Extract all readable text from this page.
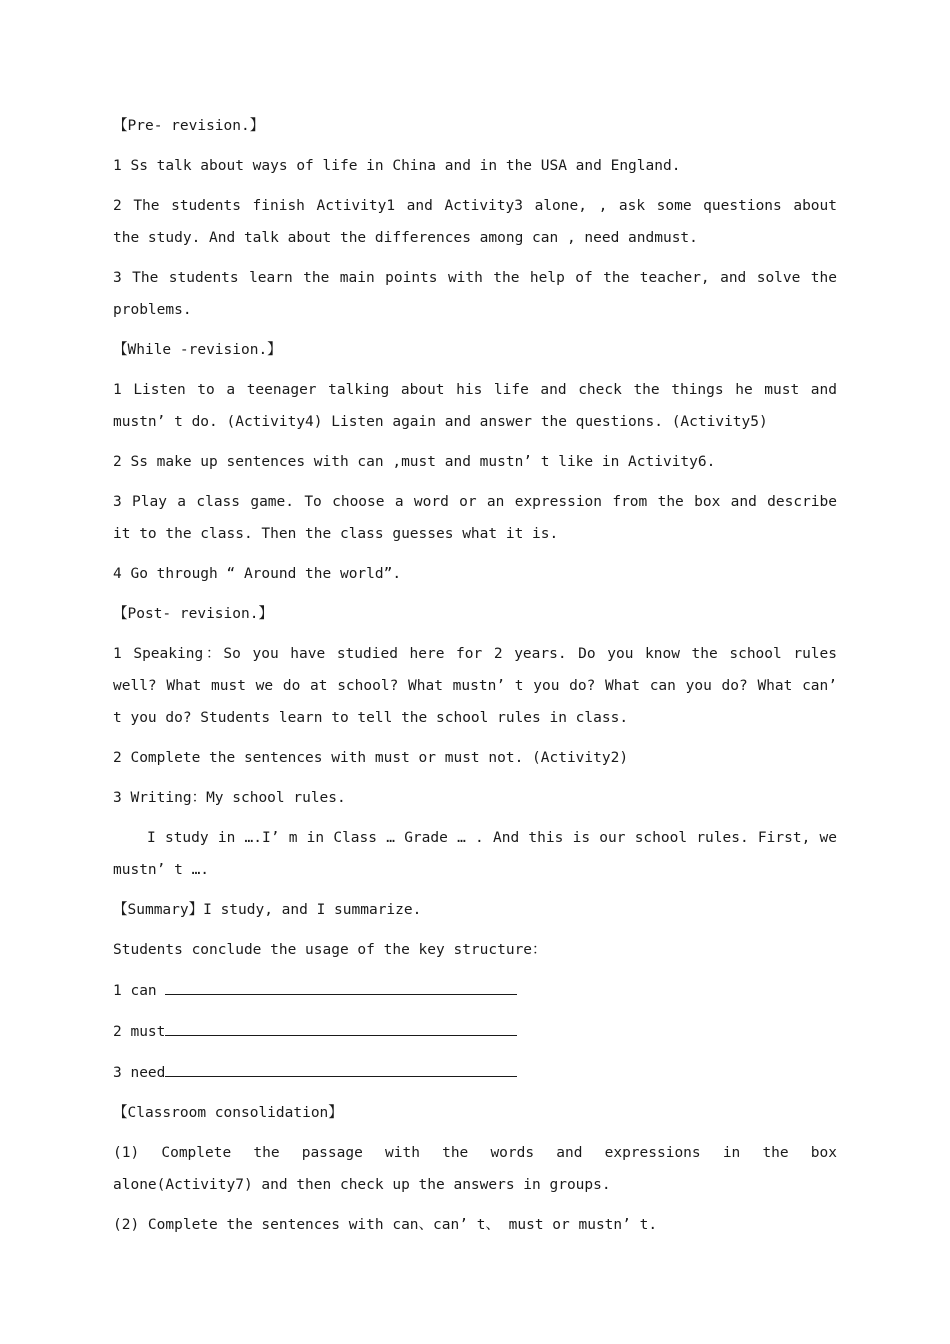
【Pre- revision.】

1 Ss talk about ways of life in China and in the USA and England.

2 The students finish Activity1 and Activity3 alone, , ask some questions about the study. And talk about the differences among can , need andmust.

3 The students learn the main points with the help of the teacher, and solve the problems.

【While -revision.】

1 Listen to a teenager talking about his life and check the things he must and mustn’ t do. (Activity4) Listen again and answer the questions. (Activity5)

2 Ss make up sentences with can ,must and mustn’ t like in Activity6.

3 Play a class game. To choose a word or an expression from the box and describe it to the class. Then the class guesses what it is.

4 Go through “ Around the world”.

【Post- revision.】

1 Speaking：So you have studied here for 2 years. Do you know the school rules well? What must we do at school? What mustn’ t you do? What can you do? What can’ t you do? Students learn to tell the school rules in class.

2 Complete the sentences with must or must not. (Activity2)

3 Writing：My school rules.

I study in ….I’ m in Class … Grade … . And this is our school rules. First, we mustn’ t ….

【Summary】I study, and I summarize.

Students conclude the usage of the key structure：

1 can

2 must

3 need

【Classroom consolidation】

(1) Complete the passage with the words and expressions in the box alone(Activity7) and then check up the answers in groups.

(2) Complete the sentences with can、can’ t、 must or mustn’ t.
